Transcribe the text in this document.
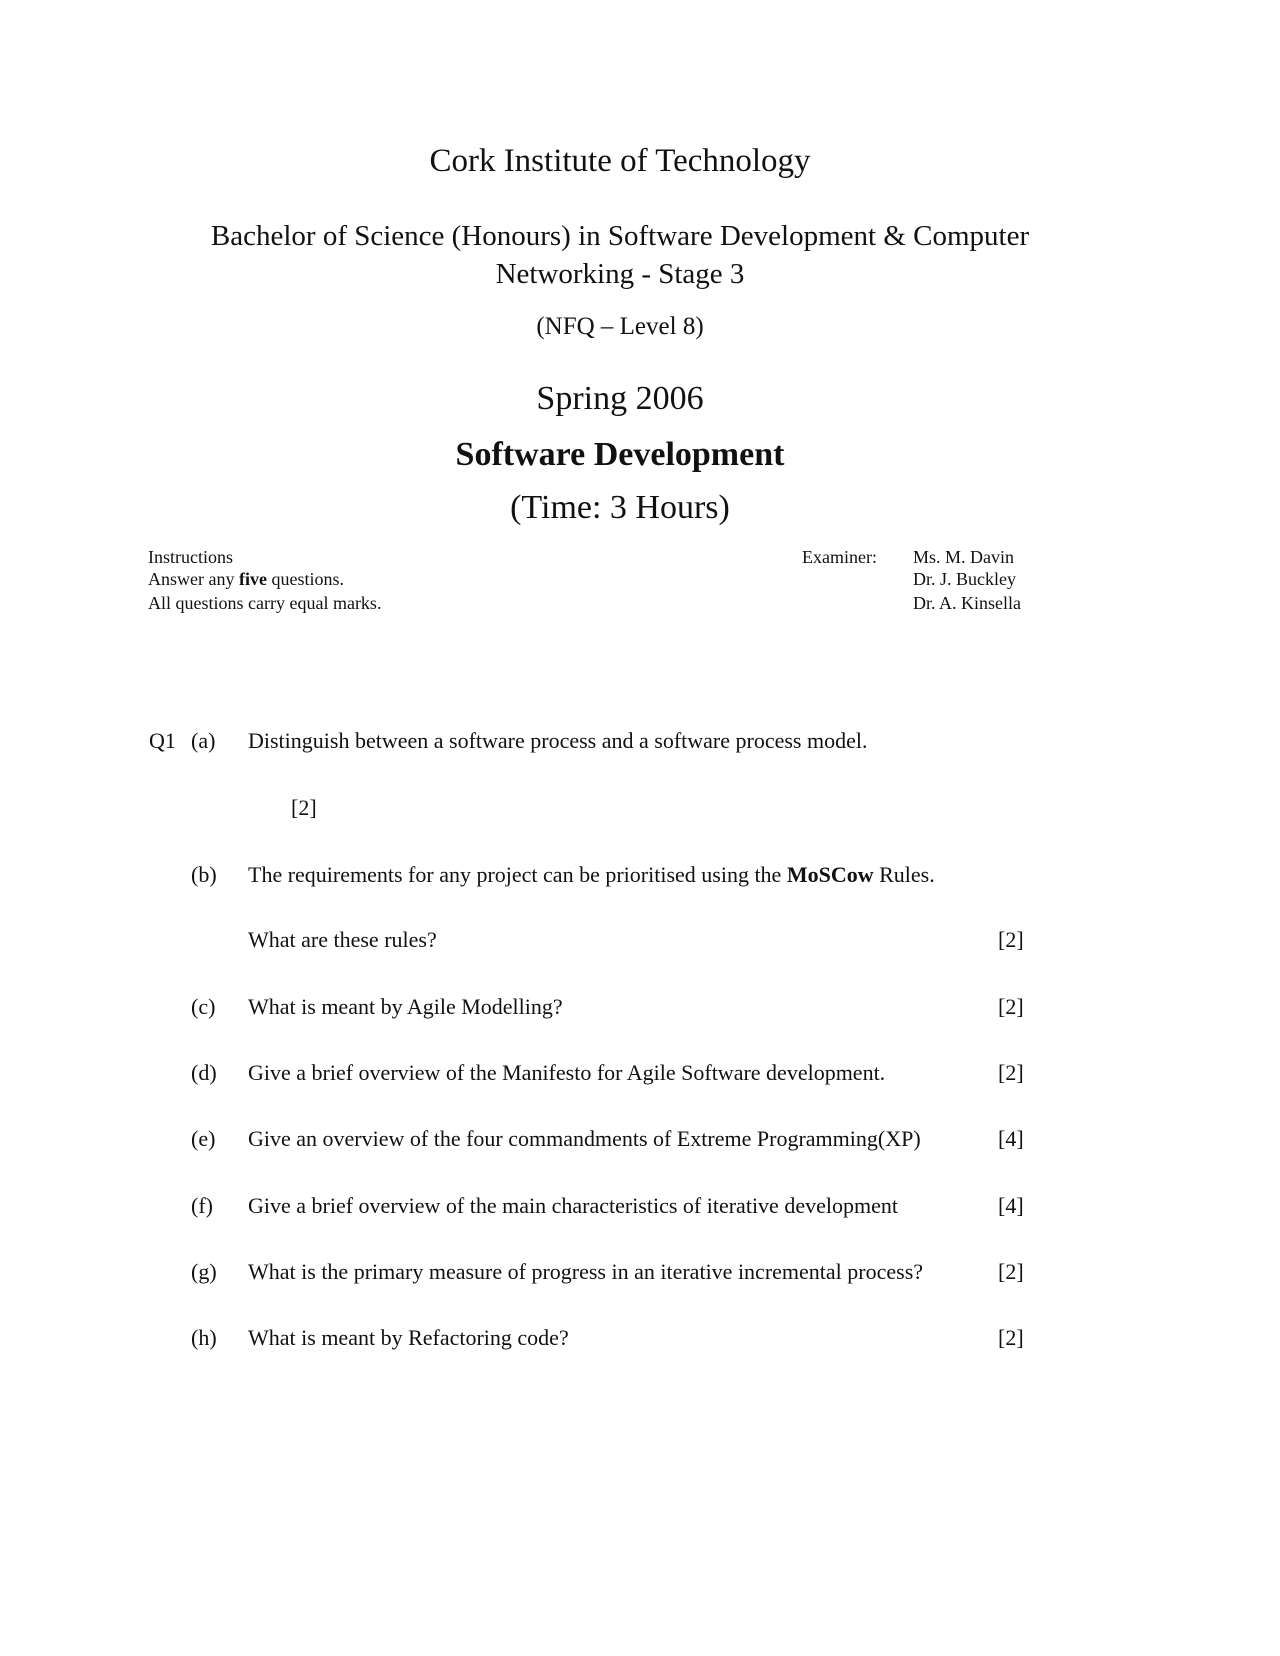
Cork Institute of Technology
Bachelor of Science (Honours) in Software Development & Computer
Networking - Stage 3
(NFQ – Level 8)
Spring 2006
Software Development
(Time: 3 Hours)
Instructions
Answer any five questions.
All questions carry equal marks.
Examiner: Ms. M. Davin
Dr. J. Buckley
Dr. A. Kinsella
Q1 (a) Distinguish between a software process and a software process model.
[2]
(b) The requirements for any project can be prioritised using the MoSCow Rules.
What are these rules?	[2]
(c) What is meant by Agile Modelling?	[2]
(d) Give a brief overview of the Manifesto for Agile Software development.	[2]
(e) Give an overview of the four commandments of Extreme Programming(XP)	[4]
(f) Give a brief overview of the main characteristics of iterative development	[4]
(g) What is the primary measure of progress in an iterative incremental process?	[2]
(h) What is meant by Refactoring code?	[2]
